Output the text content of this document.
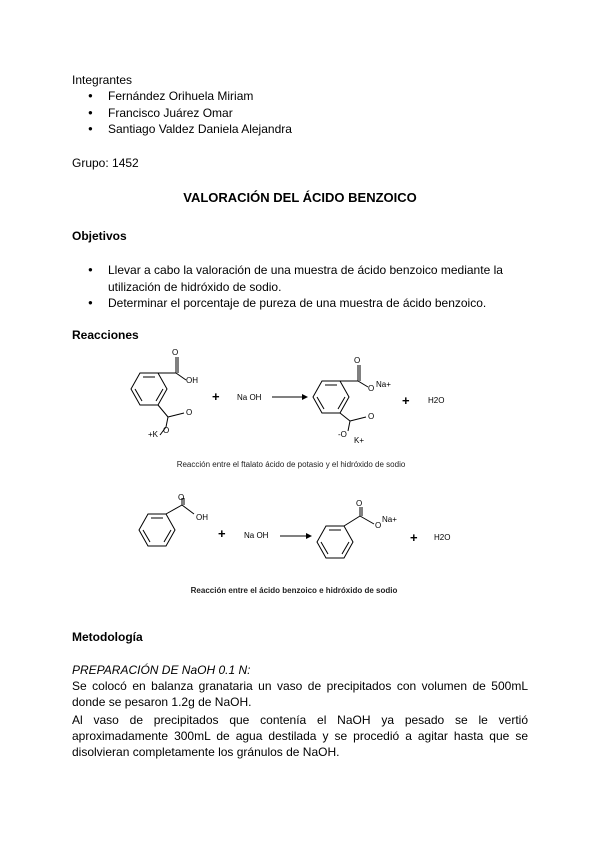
Integrantes
● Fernández Orihuela Miriam
● Francisco Juárez Omar
● Santiago Valdez Daniela Alejandra
Grupo: 1452
VALORACIÓN DEL ÁCIDO BENZOICO
Objetivos
● Llevar a cabo la valoración de una muestra de ácido benzoico mediante la utilización de hidróxido de sodio.
● Determinar el porcentaje de pureza de una muestra de ácido benzoico.
Reacciones
O
OH
O
O
+K
+ Na OH
O
O Na+
O
-O
K+
+ H2O
Reacción entre el ftalato ácido de potasio y el hidróxido de sodio
O
OH
+ Na OH
O
O
Na+
+ H2O
Reacción entre el ácido benzoico e hidróxido de sodio
Metodología
PREPARACIÓN DE NaOH 0.1 N:
Se colocó en balanza granataria un vaso de precipitados con volumen de 500mL donde se pesaron 1.2g de NaOH.
Al vaso de precipitados que contenía el NaOH ya pesado se le vertió aproximadamente 300mL de agua destilada y se procedió a agitar hasta que se disolvieran completamente los gránulos de NaOH.
